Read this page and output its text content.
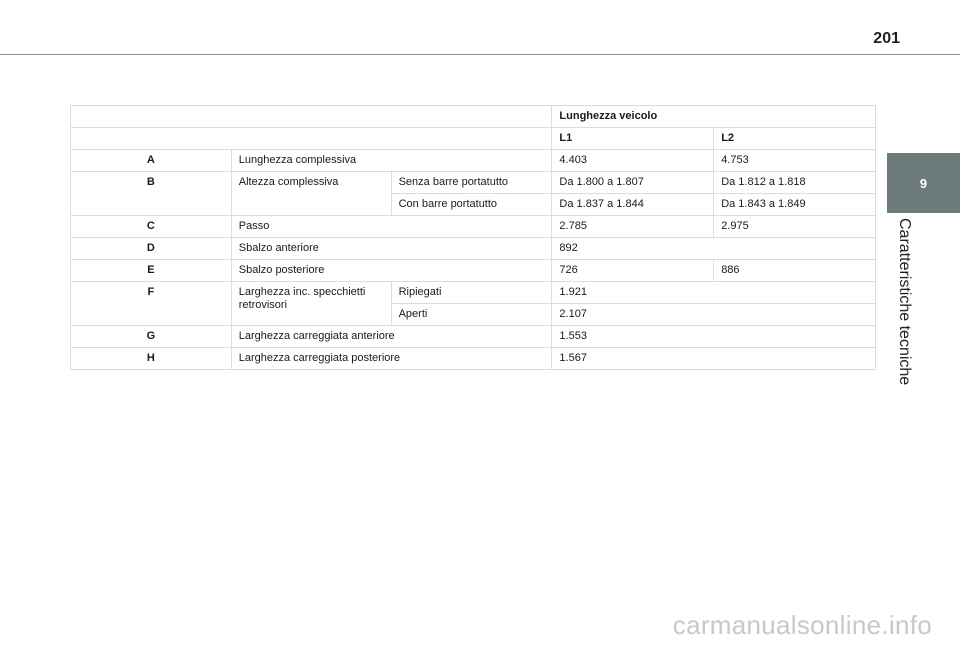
201
9
Caratteristiche tecniche
			Lunghezza veicolo	
			L1	L2
A	Lunghezza complessiva		4.403	4.753
B	Altezza complessiva	Senza barre portatutto	Da 1.800 a 1.807	Da 1.812 a 1.818
		Con barre portatutto	Da 1.837 a 1.844	Da 1.843 a 1.849
C	Passo		2.785	2.975
D	Sbalzo anteriore		892	
E	Sbalzo posteriore		726	886
F	Larghezza inc. specchietti retrovisori	Ripiegati	1.921	
		Aperti	2.107	
G	Larghezza carreggiata anteriore		1.553	
H	Larghezza carreggiata posteriore		1.567	
carmanualsonline.info
